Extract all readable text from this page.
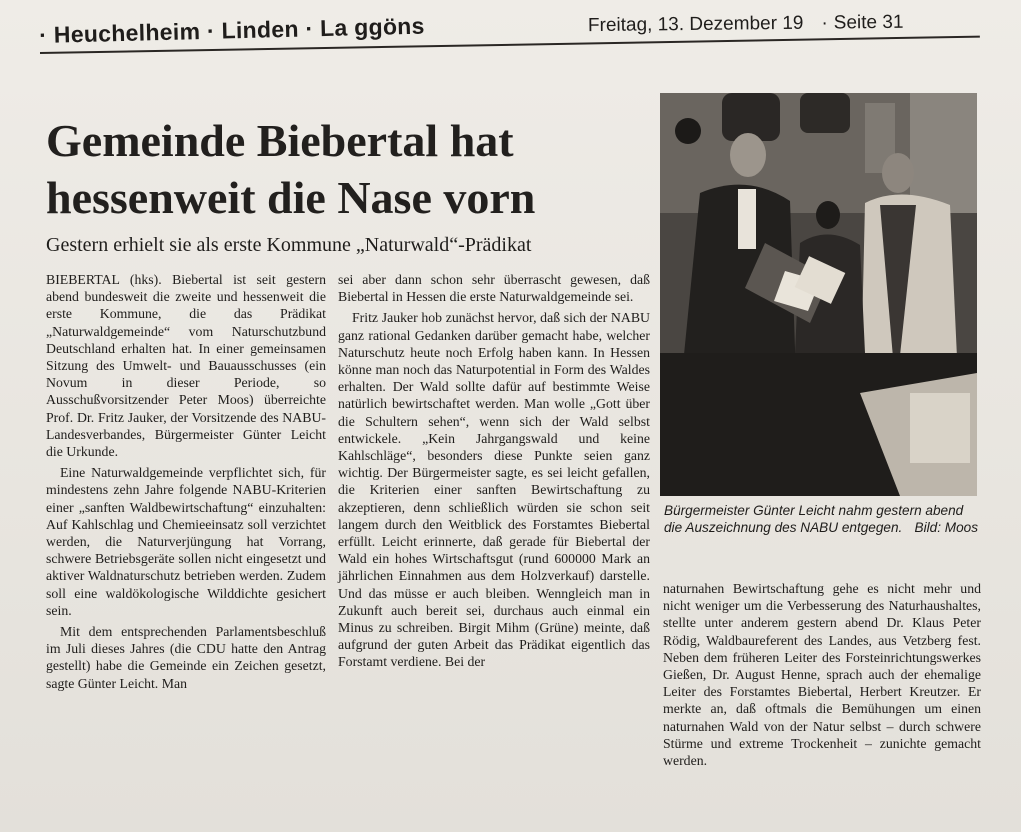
· Heuchelheim · Linden · La ggöns	Freitag, 13. Dezember 19 · Seite 31
Gemeinde Biebertal hat
hessenweit die Nase vorn
Gestern erhielt sie als erste Kommune „Naturwald“-Prädikat

BIEBERTAL (hks). Biebertal ist seit gestern abend bundesweit die zweite und hessenweit die erste Kommune, die das Prädikat „Naturwaldgemeinde“ vom Naturschutzbund Deutschland erhalten hat. In einer gemeinsamen Sitzung des Umwelt- und Bauausschusses (ein Novum in dieser Periode, so Ausschußvorsitzender Peter Moos) überreichte Prof. Dr. Fritz Jauker, der Vorsitzende des NABU-Landesverbandes, Bürgermeister Günter Leicht die Urkunde.

Eine Naturwaldgemeinde verpflichtet sich, für mindestens zehn Jahre folgende NABU-Kriterien einer „sanften Waldbewirtschaftung“ einzuhalten: Auf Kahlschlag und Chemieeinsatz soll verzichtet werden, die Naturverjüngung hat Vorrang, schwere Betriebsgeräte sollen nicht eingesetzt und aktiver Waldnaturschutz betrieben werden. Zudem soll eine waldökologische Wilddichte gesichert sein.

Mit dem entsprechenden Parlamentsbeschluß im Juli dieses Jahres (die CDU hatte den Antrag gestellt) habe die Gemeinde ein Zeichen gesetzt, sagte Günter Leicht. Man

sei aber dann schon sehr überrascht gewesen, daß Biebertal in Hessen die erste Naturwaldgemeinde sei.

Fritz Jauker hob zunächst hervor, daß sich der NABU ganz rational Gedanken darüber gemacht habe, welcher Naturschutz heute noch Erfolg haben kann. In Hessen könne man noch das Naturpotential in Form des Waldes erhalten. Der Wald sollte dafür auf bestimmte Weise natürlich bewirtschaftet werden. Man wolle „Gott über die Schultern sehen“, wenn sich der Wald selbst entwickele. „Kein Jahrgangswald und keine Kahlschläge“, besonders diese Punkte seien ganz wichtig. Der Bürgermeister sagte, es sei leicht gefallen, die Kriterien einer sanften Bewirtschaftung zu akzeptieren, denn schließlich würden sie schon seit langem durch den Weitblick des Forstamtes Biebertal erfüllt. Leicht erinnerte, daß gerade für Biebertal der Wald ein hohes Wirtschaftsgut (rund 600000 Mark an jährlichen Einnahmen aus dem Holzverkauf) darstelle. Und das müsse er auch bleiben. Wenngleich man in Zukunft auch bereit sei, durchaus auch einmal ein Minus zu schreiben. Birgit Mihm (Grüne) meinte, daß aufgrund der guten Arbeit das Prädikat eigentlich das Forstamt verdiene. Bei der

Bürgermeister Günter Leicht nahm gestern abend die Auszeichnung des NABU entgegen. Bild: Moos

naturnahen Bewirtschaftung gehe es nicht mehr und nicht weniger um die Verbesserung des Naturhaushaltes, stellte unter anderem gestern abend Dr. Klaus Peter Rödig, Waldbaureferent des Landes, aus Vetzberg fest. Neben dem früheren Leiter des Forsteinrichtungswerkes Gießen, Dr. August Henne, sprach auch der ehemalige Leiter des Forstamtes Biebertal, Herbert Kreutzer. Er merkte an, daß oftmals die Bemühungen um einen naturnahen Wald von der Natur selbst – durch schwere Stürme und extreme Trockenheit – zunichte gemacht werden.
